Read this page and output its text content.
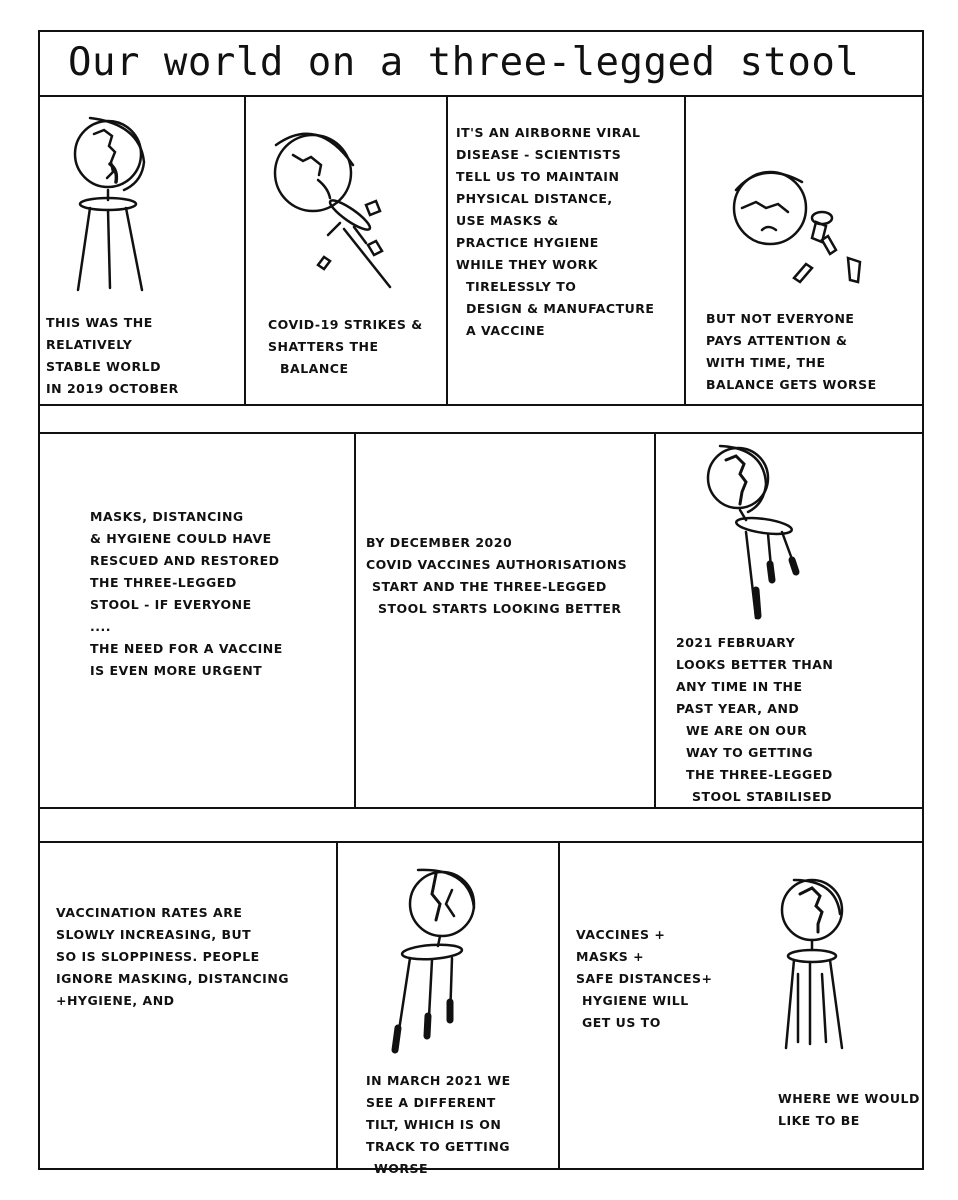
Our world on a three-legged stool
THIS WAS THE
RELATIVELY
STABLE WORLD
IN 2019 OCTOBER
COVID-19 STRIKES &
SHATTERS THE
BALANCE
IT'S AN AIRBORNE VIRAL
DISEASE - SCIENTISTS
TELL US TO MAINTAIN
PHYSICAL DISTANCE,
USE MASKS &
PRACTICE HYGIENE
WHILE THEY WORK
TIRELESSLY TO
DESIGN & MANUFACTURE
A VACCINE
BUT NOT EVERYONE
PAYS ATTENTION &
WITH TIME, THE
BALANCE GETS WORSE
MASKS, DISTANCING
& HYGIENE COULD HAVE
RESCUED AND RESTORED
THE THREE-LEGGED
STOOL - IF EVERYONE
....
THE NEED FOR A VACCINE
IS EVEN MORE URGENT
BY DECEMBER 2020
COVID VACCINES AUTHORISATIONS
START AND THE THREE-LEGGED
STOOL STARTS LOOKING BETTER
2021 FEBRUARY
LOOKS BETTER THAN
ANY TIME IN THE
PAST YEAR, AND
WE ARE ON OUR
WAY TO GETTING
THE THREE-LEGGED
STOOL STABILISED
VACCINATION RATES ARE
SLOWLY INCREASING, BUT
SO IS SLOPPINESS. PEOPLE
IGNORE MASKING, DISTANCING
+HYGIENE, AND
IN MARCH 2021 WE
SEE A DIFFERENT
TILT, WHICH IS ON
TRACK TO GETTING
WORSE
VACCINES +
MASKS +
SAFE DISTANCES+
HYGIENE WILL
GET US TO
WHERE WE WOULD
LIKE TO BE
